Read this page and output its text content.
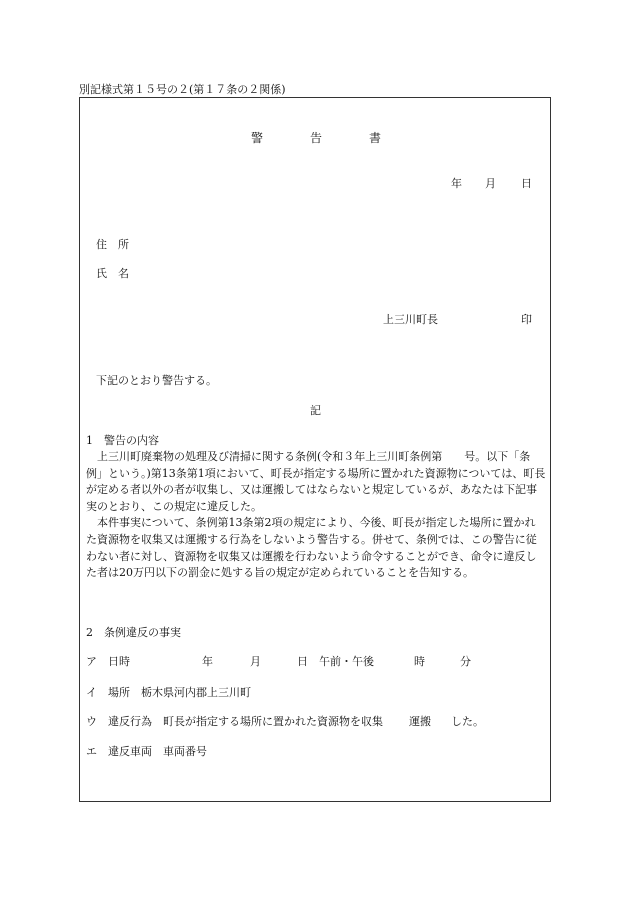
別記様式第１５号の２(第１７条の２関係)
警	告	書
年 月 日
住　所
氏　名
上三川町長	印
下記のとおり警告する。
記
1　警告の内容

上三川町廃棄物の処理及び清掃に関する条例(令和３年上三川町条例第　　号。以下「条例」という。)第13条第1項において、町長が指定する場所に置かれた資源物については、町長が定める者以外の者が収集し、又は運搬してはならないと規定しているが、あなたは下記事実のとおり、この規定に違反した。

本件事実について、条例第13条第2項の規定により、今後、町長が指定した場所に置かれた資源物を収集又は運搬する行為をしないよう警告する。併せて、条例では、この警告に従わない者に対し、資源物を収集又は運搬を行わないよう命令することができ、命令に違反した者は20万円以下の罰金に処する旨の規定が定められていることを告知する。

2　条例違反の事実
ア　日時	年	月	日 午前・午後	時	分
イ　場所　栃木県河内郡上三川町
ウ　違反行為　町長が指定する場所に置かれた資源物を収集 運搬 した。
エ　違反車両　車両番号
